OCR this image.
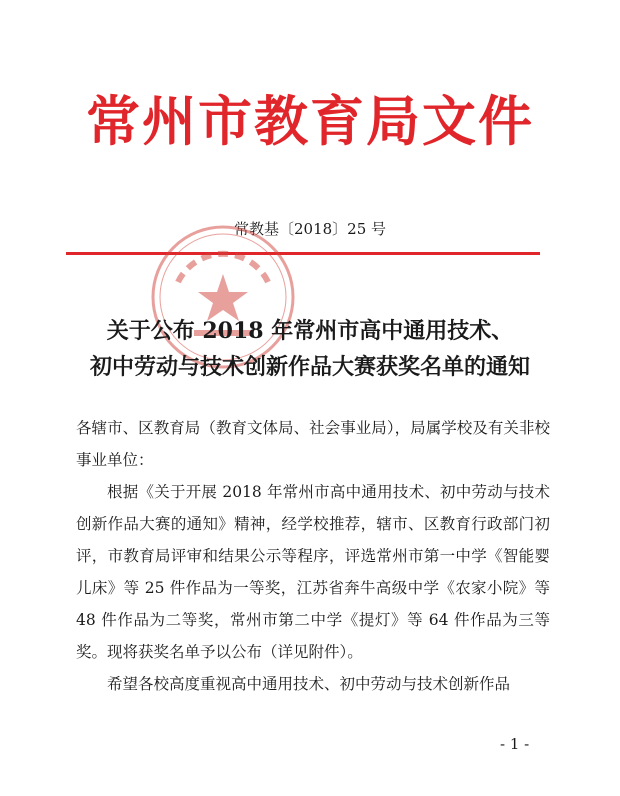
常州市教育局文件
常教基〔2018〕25 号
关于公布 2018 年常州市高中通用技术、
初中劳动与技术创新作品大赛获奖名单的通知
各辖市、区教育局（教育文体局、社会事业局），局属学校及有关非校事业单位：
根据《关于开展 2018 年常州市高中通用技术、初中劳动与技术创新作品大赛的通知》精神，经学校推荐，辖市、区教育行政部门初评，市教育局评审和结果公示等程序，评选常州市第一中学《智能婴儿床》等 25 件作品为一等奖，江苏省奔牛高级中学《农家小院》等 48 件作品为二等奖，常州市第二中学《提灯》等 64 件作品为三等奖。现将获奖名单予以公布（详见附件）。
希望各校高度重视高中通用技术、初中劳动与技术创新作品
- 1 -
